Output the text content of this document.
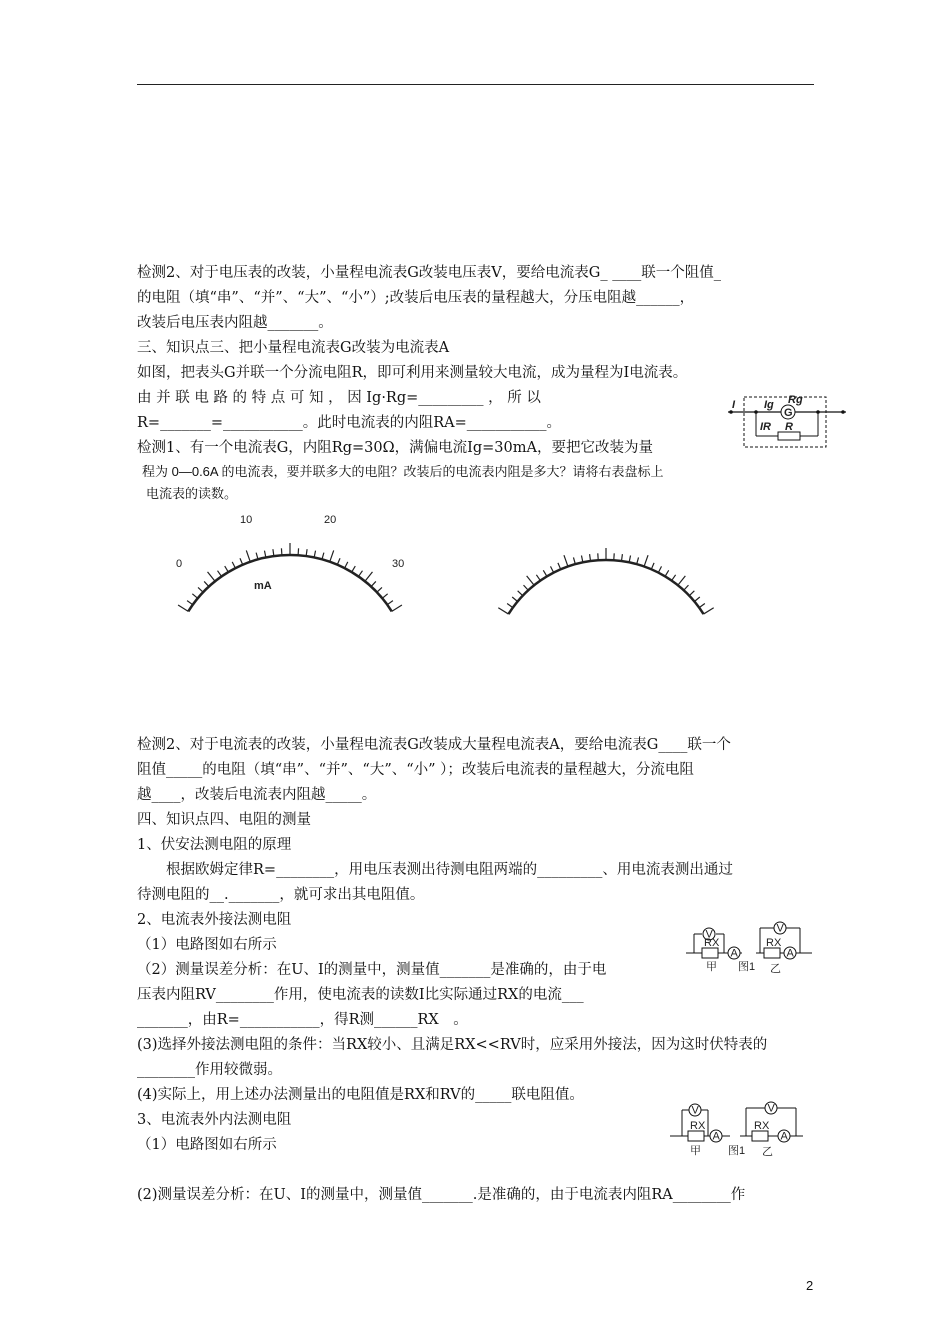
检测2、对于电压表的改装，小量程电流表G改装电压表V，要给电流表G_ ____联一个阻值_
的电阻（填“串”、“并”、“大”、“小”）;改装后电压表的量程越大，分压电阻越______，
改装后电压表内阻越_______。
三、知识点三、把小量程电流表G改装为电流表A
如图，把表头G并联一个分流电阻R，即可利用来测量较大电流，成为量程为I电流表。
由 并 联 电 路 的 特 点 可 知 ， 因 Ig·Rg=_________ ， 所 以
R=_______=___________。此时电流表的内阻RA=___________。
检测1、有一个电流表G，内阻Rg=30Ω，满偏电流Ig=30mA，要把它改装为量
检测2、对于电流表的改装，小量程电流表G改装成大量程电流表A，要给电流表G____联一个
阻值_____的电阻（填“串”、“并”、“大”、“小” ）；改装后电流表的量程越大，分流电阻
越____，改装后电流表内阻越_____。
四、知识点四、电阻的测量
1、伏安法测电阻的原理
　　根据欧姆定律R=________，用电压表测出待测电阻两端的_________、用电流表测出通过
待测电阻的__._______，就可求出其电阻值。
2、电流表外接法测电阻
（1）电路图如右所示
（2）测量误差分析：在U、I的测量中，测量值_______是准确的，由于电
压表内阻RV________作用，使电流表的读数I比实际通过RX的电流___
_______，由R=___________，得R测______RX　。
(3)选择外接法测电阻的条件：当RX较小、且满足RX<<RV时，应采用外接法，因为这时伏特表的
________作用较微弱。
(4)实际上，用上述办法测量出的电阻值是RX和RV的_____联电阻值。
3、电流表外内法测电阻
（1）电路图如右所示
(2)测量误差分析：在U、I的测量中，测量值_______.是准确的，由于电流表内阻RA________作
I
G
Ig Rg
IR R
程为 0—0.6A 的电流表，要并联多大的电阻？改装后的电流表内阻是多大？请将右表盘标上
电流表的读数。
0
10	20
30
mA
V
A
RX
甲
V
A
RX
图1 乙
A
V
RX
甲
A
V
RX
图1 乙
2
